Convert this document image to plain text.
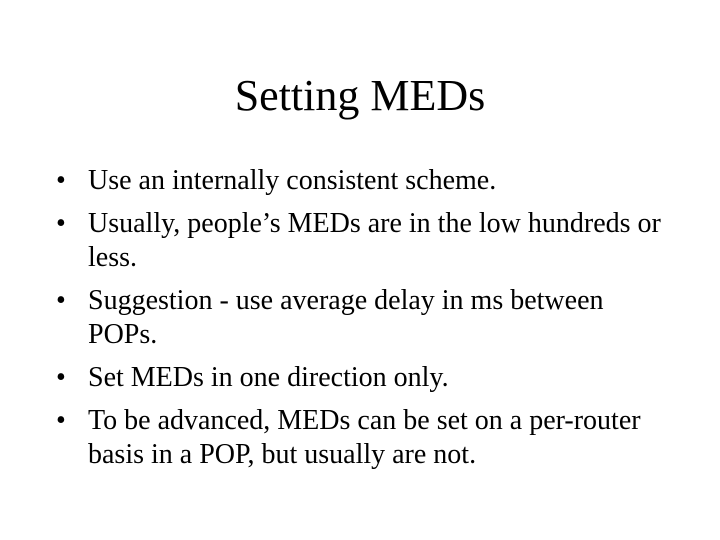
Setting MEDs
• Use an internally consistent scheme.
• Usually, people’s MEDs are in the low hundreds or less.
• Suggestion - use average delay in ms between POPs.
• Set MEDs in one direction only.
• To be advanced, MEDs can be set on a per-router basis in a POP, but usually are not.
